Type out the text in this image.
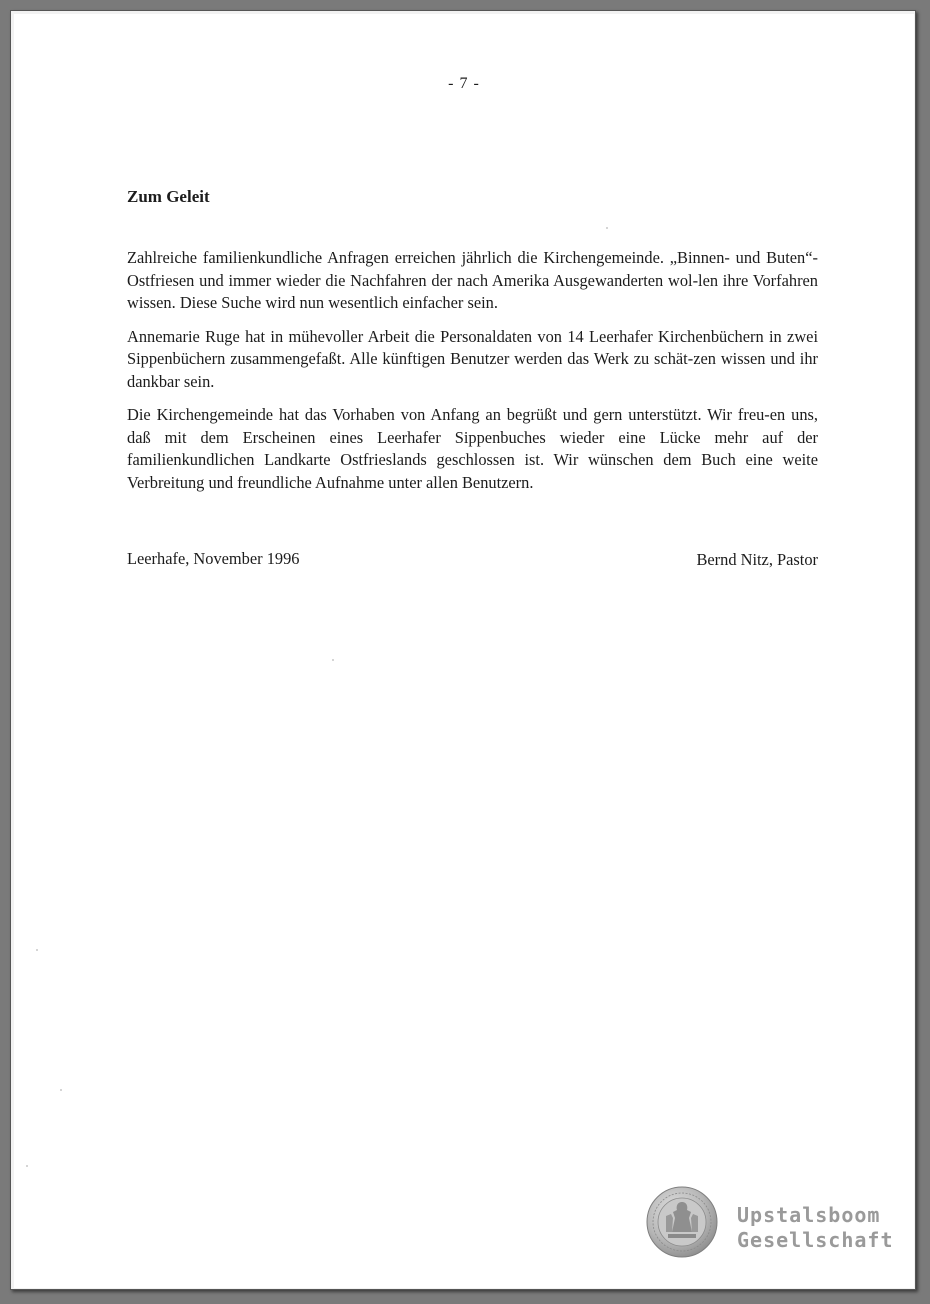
- 7 -
Zum Geleit

Zahlreiche familienkundliche Anfragen erreichen jährlich die Kirchengemeinde. „Binnen- und Buten“-Ostfriesen und immer wieder die Nachfahren der nach Amerika Ausgewanderten wol-len ihre Vorfahren wissen. Diese Suche wird nun wesentlich einfacher sein.

Annemarie Ruge hat in mühevoller Arbeit die Personaldaten von 14 Leerhafer Kirchenbüchern in zwei Sippenbüchern zusammengefaßt. Alle künftigen Benutzer werden das Werk zu schät-zen wissen und ihr dankbar sein.

Die Kirchengemeinde hat das Vorhaben von Anfang an begrüßt und gern unterstützt. Wir freu-en uns, daß mit dem Erscheinen eines Leerhafer Sippenbuches wieder eine Lücke mehr auf der familienkundlichen Landkarte Ostfrieslands geschlossen ist. Wir wünschen dem Buch eine weite Verbreitung und freundliche Aufnahme unter allen Benutzern.

Leerhafe, November 1996	Bernd Nitz, Pastor
Upstalsboom
Gesellschaft
